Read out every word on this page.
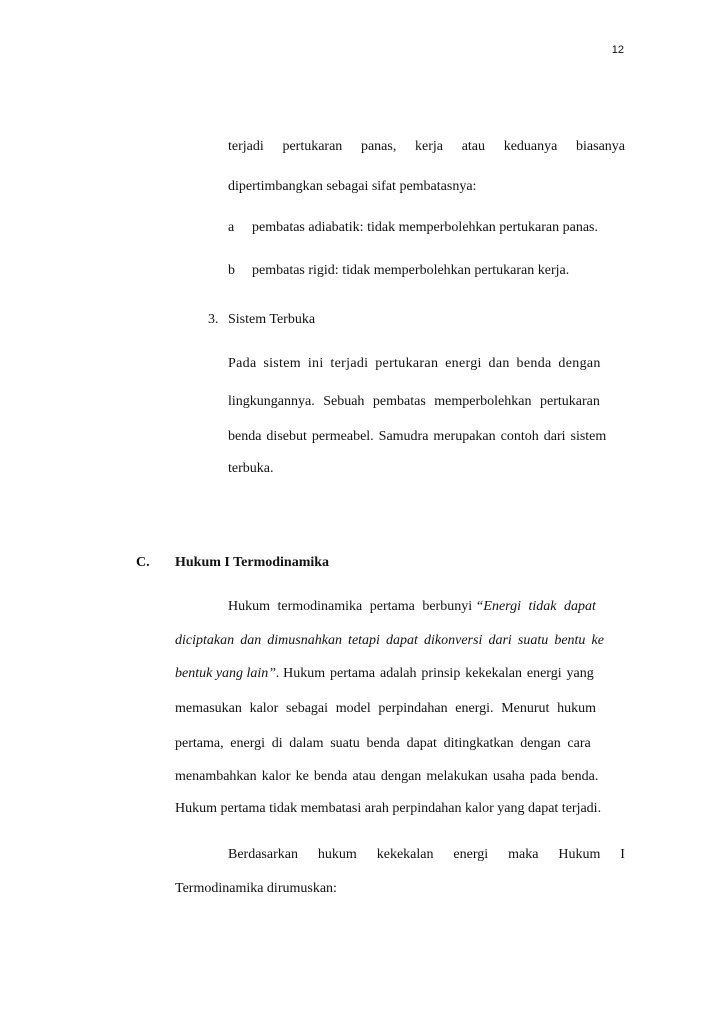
12
terjadi pertukaran panas, kerja atau keduanya biasanya
dipertimbangkan sebagai sifat pembatasnya:
a pembatas adiabatik: tidak memperbolehkan pertukaran panas.
b pembatas rigid: tidak memperbolehkan pertukaran kerja.
3. Sistem Terbuka
Pada sistem ini terjadi pertukaran energi dan benda dengan
lingkungannya. Sebuah pembatas memperbolehkan pertukaran
benda disebut permeabel. Samudra merupakan contoh dari sistem
terbuka.
C. Hukum I Termodinamika
Hukum termodinamika pertama berbunyi “Energi tidak dapat
diciptakan dan dimusnahkan tetapi dapat dikonversi dari suatu bentu ke
bentuk yang lain”. Hukum pertama adalah prinsip kekekalan energi yang
memasukan kalor sebagai model perpindahan energi. Menurut hukum
pertama, energi di dalam suatu benda dapat ditingkatkan dengan cara
menambahkan kalor ke benda atau dengan melakukan usaha pada benda.
Hukum pertama tidak membatasi arah perpindahan kalor yang dapat terjadi.
Berdasarkan hukum kekekalan energi maka Hukum I
Termodinamika dirumuskan:
